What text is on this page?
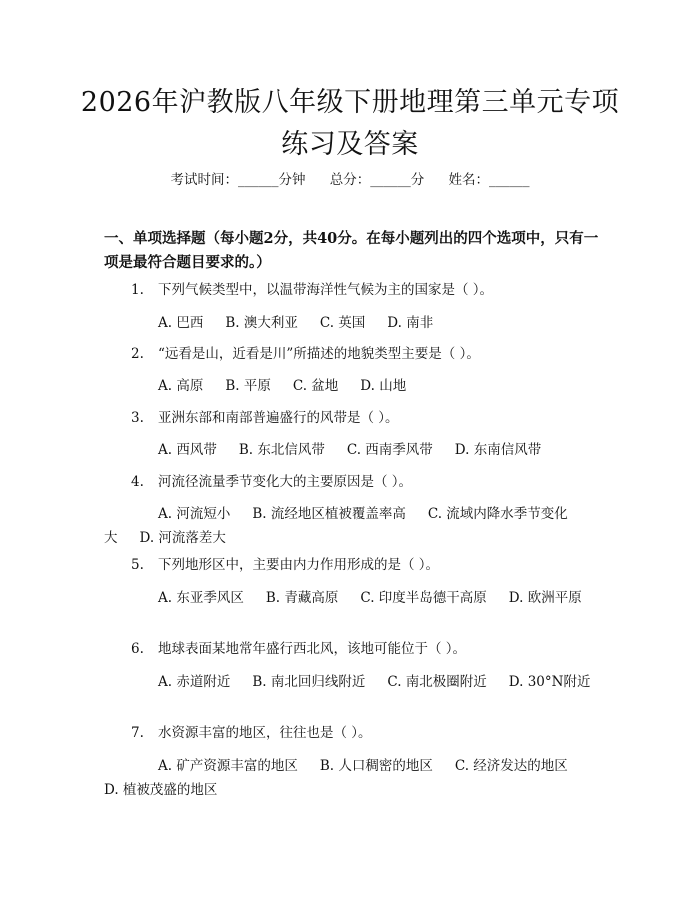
2026年沪教版八年级下册地理第三单元专项
练习及答案
考试时间：______分钟 总分：______分 姓名：______
一、单项选择题（每小题2分，共40分。在每小题列出的四个选项中，只有一项是最符合题目要求的。）
1. 下列气候类型中，以温带海洋性气候为主的国家是（ ）。
A. 巴西 B. 澳大利亚 C. 英国 D. 南非
2. “远看是山，近看是川”所描述的地貌类型主要是（ ）。
A. 高原 B. 平原 C. 盆地 D. 山地
3. 亚洲东部和南部普遍盛行的风带是（ ）。
A. 西风带 B. 东北信风带 C. 西南季风带 D. 东南信风带
4. 河流径流量季节变化大的主要原因是（ ）。
A. 河流短小 B. 流经地区植被覆盖率高 C. 流域内降水季节变化大 D. 河流落差大
5. 下列地形区中，主要由内力作用形成的是（ ）。
A. 东亚季风区 B. 青藏高原 C. 印度半岛德干高原 D. 欧洲平原
6. 地球表面某地常年盛行西北风，该地可能位于（ ）。
A. 赤道附近 B. 南北回归线附近 C. 南北极圈附近 D. 30°N附近
7. 水资源丰富的地区，往往也是（ ）。
A. 矿产资源丰富的地区 B. 人口稠密的地区 C. 经济发达的地区D. 植被茂盛的地区
